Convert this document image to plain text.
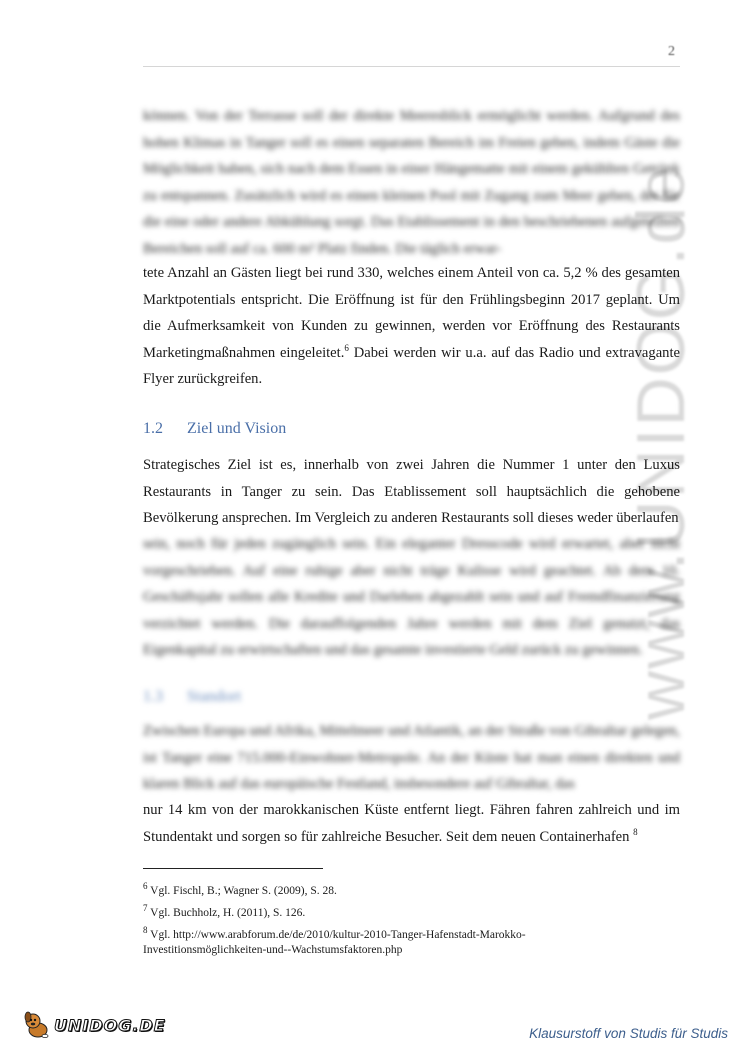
2
www.UNIDOG.de
können. Von der Terrasse soll der direkte Meeresblick ermöglicht werden. Aufgrund des hohen Klimas in Tanger soll es einen separaten Bereich im Freien geben, indem Gäste die Möglichkeit haben, sich nach dem Essen in einer Hängematte mit einem gekühlten Getränk zu entspannen. Zusätzlich wird es einen kleinen Pool mit Zugang zum Meer geben, der für die eine oder andere Abkühlung sorgt. Das Etablissement in den beschriebenen aufgeteilten Bereichen soll auf ca. 600 m² Platz finden. Die täglich erwar-
tete Anzahl an Gästen liegt bei rund 330, welches einem Anteil von ca. 5,2 % des gesamten Marktpotentials entspricht. Die Eröffnung ist für den Frühlingsbeginn 2017 geplant. Um die Aufmerksamkeit von Kunden zu gewinnen, werden vor Eröffnung des Restaurants Marketingmaßnahmen eingeleitet.$^6$ Dabei werden wir u.a. auf das Radio und extravagante Flyer zurückgreifen.
1.2 Ziel und Vision
Strategisches Ziel ist es, innerhalb von zwei Jahren die Nummer 1 unter den Luxus Restaurants in Tanger zu sein. Das Etablissement soll hauptsächlich die gehobene Bevölkerung ansprechen. Im Vergleich zu anderen Restaurants soll dieses weder überlaufen
sein, noch für jeden zugänglich sein. Ein eleganter Dresscode wird erwartet, aber nicht vorgeschrieben. Auf eine ruhige aber nicht träge Kulisse wird geachtet. Ab dem 10. Geschäftsjahr sollen alle Kredite und Darlehen abgezahlt sein und auf Fremdfinanzierung verzichtet werden. Die darauffolgenden Jahre werden mit dem Ziel genutzt, das Eigenkapital zu erwirtschaften und das gesamte investierte Geld zurück zu gewinnen.
1.3 Standort
Zwischen Europa und Afrika, Mittelmeer und Atlantik, an der Straße von Gibraltar gelegen, ist Tanger eine 715.000-Einwohner-Metropole. An der Küste hat man einen direkten und klaren Blick auf das europäische Festland, insbesondere auf Gibraltar, das
nur 14 km von der marokkanischen Küste entfernt liegt. Fähren fahren zahlreich und im Stundentakt und sorgen so für zahlreiche Besucher. Seit dem neuen Containerhafen $^8$
$^6$ Vgl. Fischl, B.; Wagner S. (2009), S. 28.
$^7$ Vgl. Buchholz, H. (2011), S. 126.
$^8$ Vgl. http://www.arabforum.de/de/2010/kultur-2010-Tanger-Hafenstadt-Marokko-Investitionsmöglichkeiten-und--Wachstumsfaktoren.php
UNIDOG.DE	Klausurstoff von Studis für Studis
